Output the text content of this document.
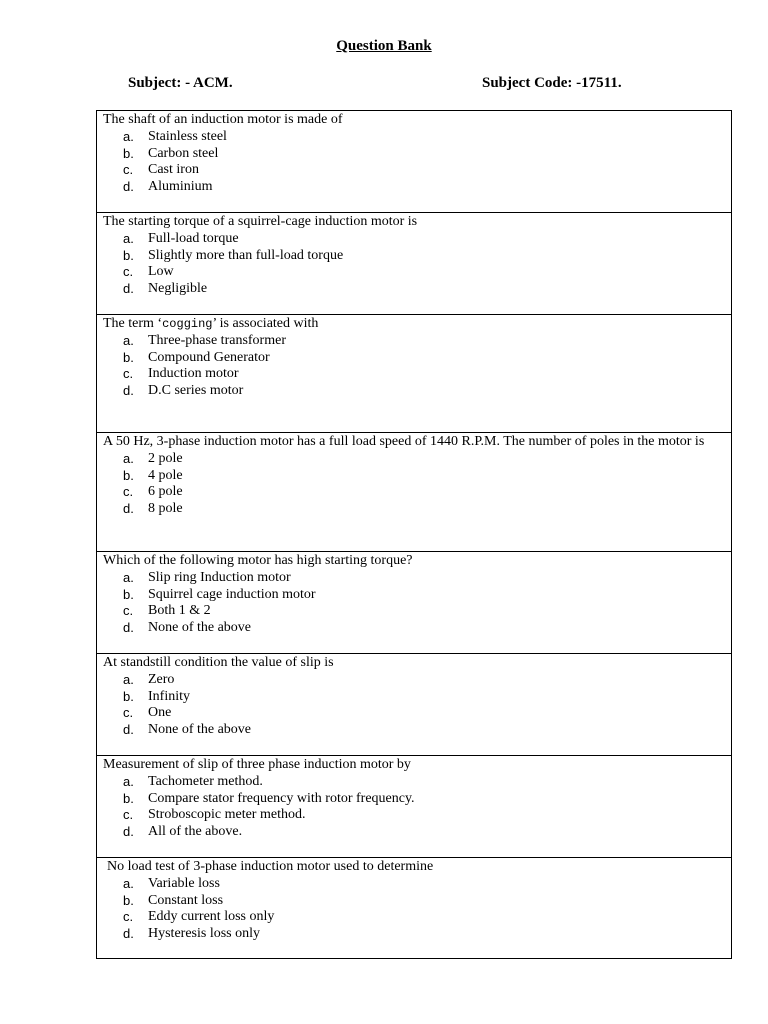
Question Bank
Subject: - ACM.	Subject Code: -17511.
The shaft of an induction motor is made of
a.	Stainless steel
b.	Carbon steel
c.	Cast iron
d.	Aluminium
The starting torque of a squirrel-cage induction motor is
a.	Full-load torque
b.	Slightly more than full-load torque
c.	Low
d.	Negligible
The term ‘cogging’ is associated with
a.	Three-phase transformer
b.	Compound Generator
c.	Induction motor
d.	D.C series motor
A 50 Hz, 3-phase induction motor has a full load speed of 1440 R.P.M. The number of poles in the motor is
a.	2 pole
b.	4 pole
c.	6 pole
d.	8 pole
Which of the following motor has high starting torque?
a.	Slip ring Induction motor
b.	Squirrel cage induction motor
c.	Both 1 & 2
d.	None of the above
At standstill condition the value of slip is
a.	Zero
b.	Infinity
c.	One
d.	None of the above
Measurement of slip of three phase induction motor by
a.	Tachometer method.
b.	Compare stator frequency with rotor frequency.
c.	Stroboscopic meter method.
d.	All of the above.
No load test of 3-phase induction motor used to determine
a.	Variable loss
b.	Constant loss
c.	Eddy current loss only
d.	Hysteresis loss only
